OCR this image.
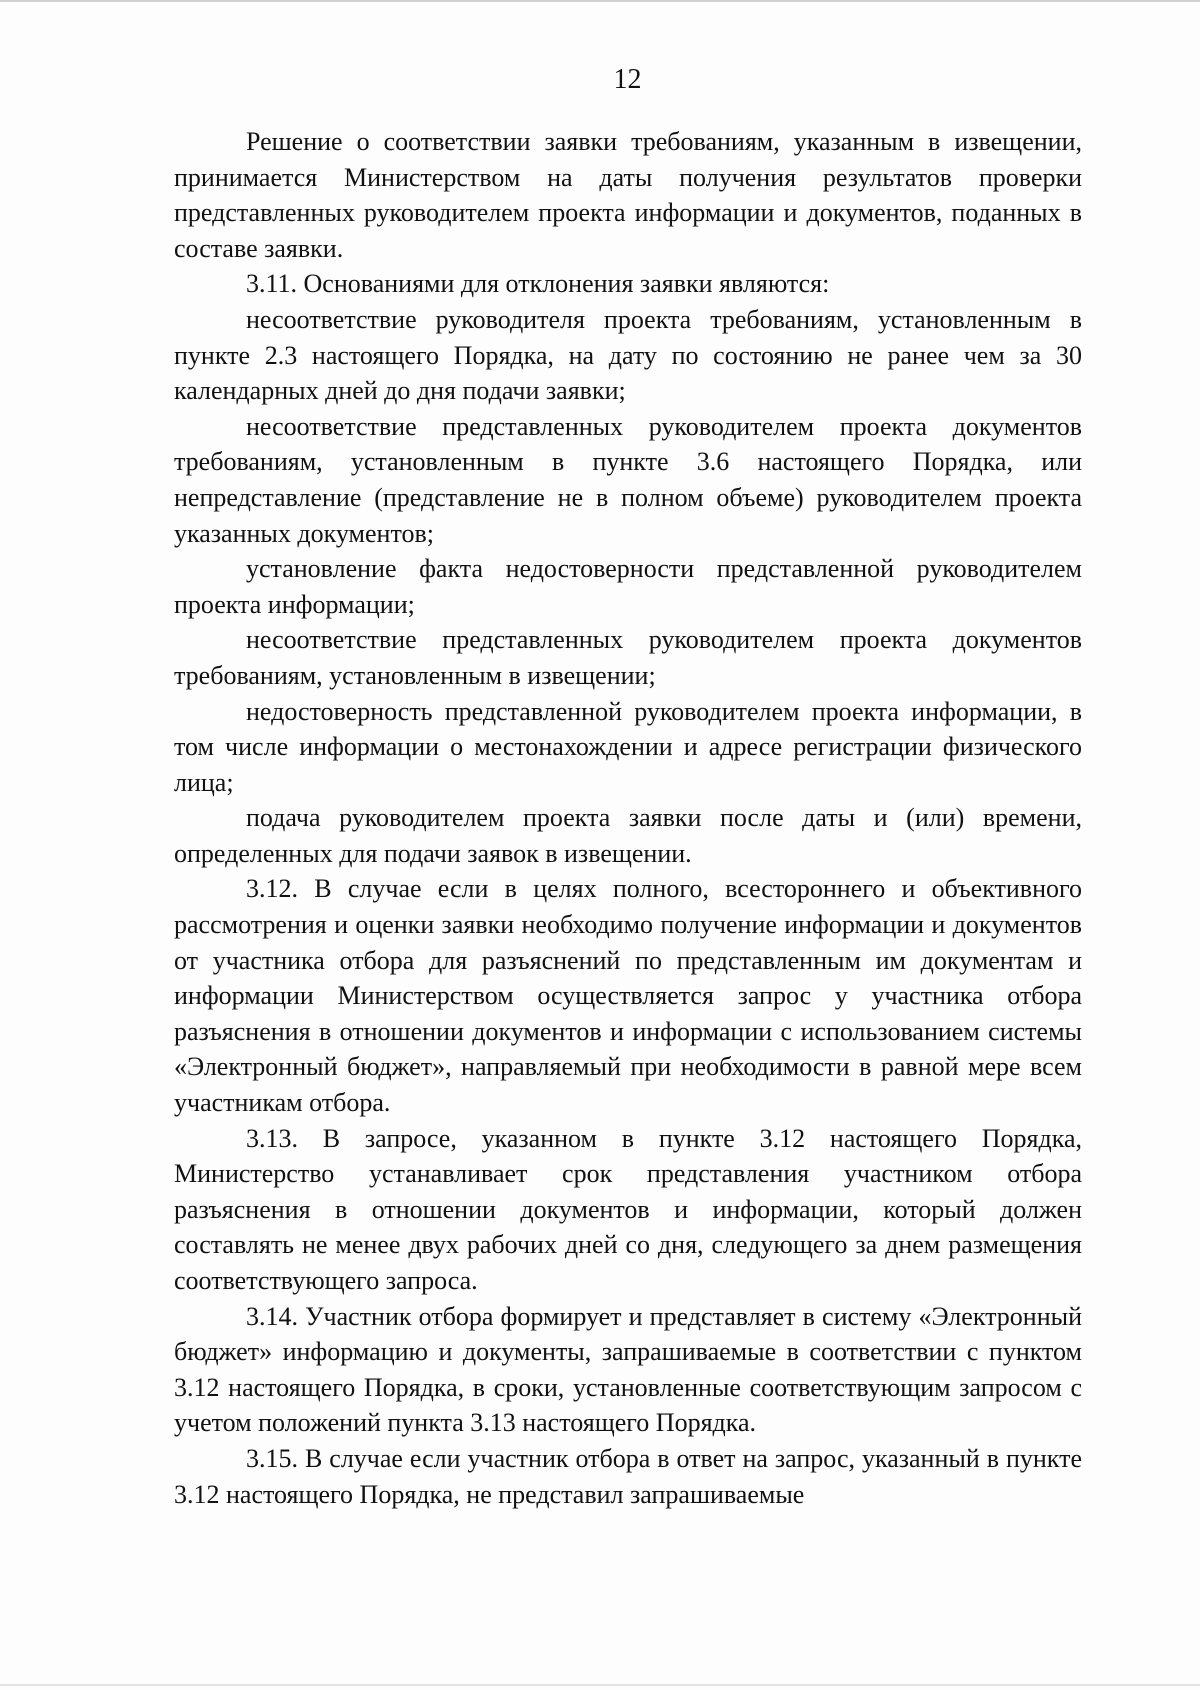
12

Решение о соответствии заявки требованиям, указанным в извещении, принимается Министерством на даты получения результатов проверки представленных руководителем проекта информации и документов, поданных в составе заявки.

3.11. Основаниями для отклонения заявки являются:

несоответствие руководителя проекта требованиям, установленным в пункте 2.3 настоящего Порядка, на дату по состоянию не ранее чем за 30 календарных дней до дня подачи заявки;

несоответствие представленных руководителем проекта документов требованиям, установленным в пункте 3.6 настоящего Порядка, или непредставление (представление не в полном объеме) руководителем проекта указанных документов;

установление факта недостоверности представленной руководителем проекта информации;

несоответствие представленных руководителем проекта документов требованиям, установленным в извещении;

недостоверность представленной руководителем проекта информации, в том числе информации о местонахождении и адресе регистрации физического лица;

подача руководителем проекта заявки после даты и (или) времени, определенных для подачи заявок в извещении.

3.12. В случае если в целях полного, всестороннего и объективного рассмотрения и оценки заявки необходимо получение информации и документов от участника отбора для разъяснений по представленным им документам и информации Министерством осуществляется запрос у участника отбора разъяснения в отношении документов и информации с использованием системы «Электронный бюджет», направляемый при необходимости в равной мере всем участникам отбора.

3.13. В запросе, указанном в пункте 3.12 настоящего Порядка, Министерство устанавливает срок представления участником отбора разъяснения в отношении документов и информации, который должен составлять не менее двух рабочих дней со дня, следующего за днем размещения соответствующего запроса.

3.14. Участник отбора формирует и представляет в систему «Электронный бюджет» информацию и документы, запрашиваемые в соответствии с пунктом 3.12 настоящего Порядка, в сроки, установленные соответствующим запросом с учетом положений пункта 3.13 настоящего Порядка.

3.15. В случае если участник отбора в ответ на запрос, указанный в пункте 3.12 настоящего Порядка, не представил запрашиваемые
